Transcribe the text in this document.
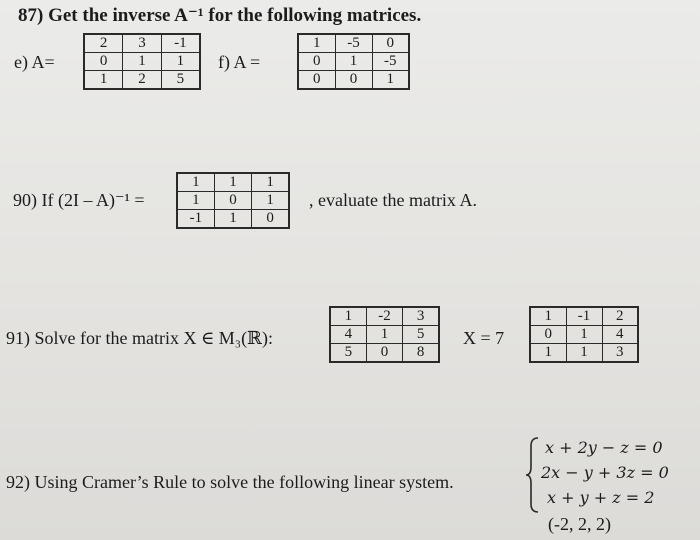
87) Get the inverse A⁻¹ for the following matrices.
e) A=
2	3	-1
0	1	1
1	2	5
f) A =
1	-5	0
0	1	-5
0	0	1
90) If (2I – A)⁻¹ =
1	1	1
1	0	1
-1	1	0
, evaluate the matrix A.
91) Solve for the matrix X ∈ M₃(ℝ):
1	-2	3
4	1	5
5	0	8
X = 7
1	-1	2
0	1	4
1	1	3
92) Using Cramer’s Rule to solve the following linear system.
x + 2y − z = 0
2x − y + 3z = 0
x + y + z = 2
(-2, 2, 2)
